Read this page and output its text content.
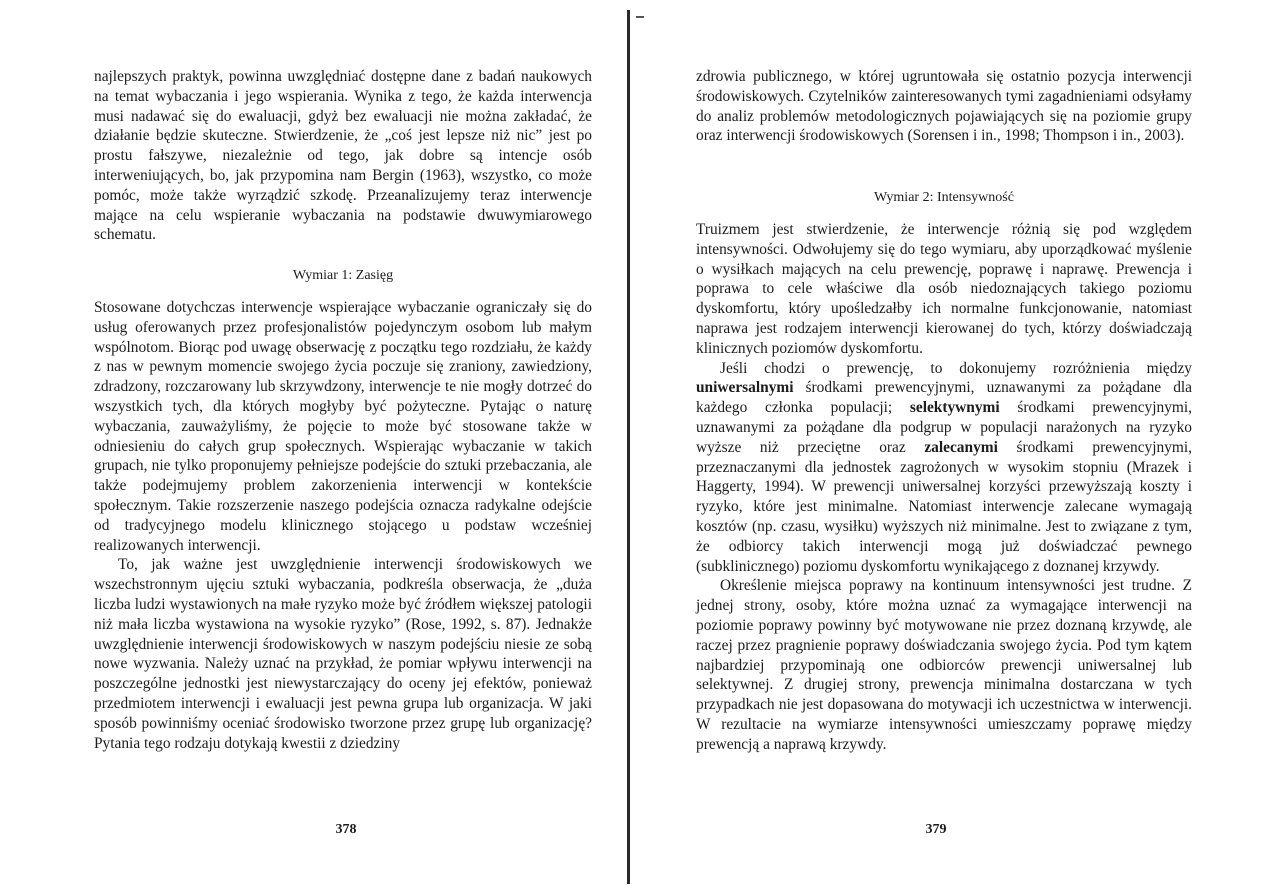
najlepszych praktyk, powinna uwzględniać dostępne dane z badań naukowych na temat wybaczania i jego wspierania. Wynika z tego, że każda interwencja musi nadawać się do ewaluacji, gdyż bez ewaluacji nie można zakładać, że działanie będzie skuteczne. Stwierdzenie, że „coś jest lepsze niż nic” jest po prostu fałszywe, niezależnie od tego, jak dobre są intencje osób interweniujących, bo, jak przypomina nam Bergin (1963), wszystko, co może pomóc, może także wyrządzić szkodę. Przeanalizujemy teraz interwencje mające na celu wspieranie wybaczania na podstawie dwuwymiarowego schematu.

Wymiar 1: Zasięg

Stosowane dotychczas interwencje wspierające wybaczanie ograniczały się do usług oferowanych przez profesjonalistów pojedynczym osobom lub małym wspólnotom. Biorąc pod uwagę obserwację z początku tego rozdziału, że każdy z nas w pewnym momencie swojego życia poczuje się zraniony, zawiedziony, zdradzony, rozczarowany lub skrzywdzony, interwencje te nie mogły dotrzeć do wszystkich tych, dla których mogłyby być pożyteczne. Pytając o naturę wybaczania, zauważyliśmy, że pojęcie to może być stosowane także w odniesieniu do całych grup społecznych. Wspierając wybaczanie w takich grupach, nie tylko proponujemy pełniejsze podejście do sztuki przebaczania, ale także podejmujemy problem zakorzenienia interwencji w kontekście społecznym. Takie rozszerzenie naszego podejścia oznacza radykalne odejście od tradycyjnego modelu klinicznego stojącego u podstaw wcześniej realizowanych interwencji.

To, jak ważne jest uwzględnienie interwencji środowiskowych we wszechstronnym ujęciu sztuki wybaczania, podkreśla obserwacja, że „duża liczba ludzi wystawionych na małe ryzyko może być źródłem większej patologii niż mała liczba wystawiona na wysokie ryzyko” (Rose, 1992, s. 87). Jednakże uwzględnienie interwencji środowiskowych w naszym podejściu niesie ze sobą nowe wyzwania. Należy uznać na przykład, że pomiar wpływu interwencji na poszczególne jednostki jest niewystarczający do oceny jej efektów, ponieważ przedmiotem interwencji i ewaluacji jest pewna grupa lub organizacja. W jaki sposób powinniśmy oceniać środowisko tworzone przez grupę lub organizację? Pytania tego rodzaju dotykają kwestii z dziedziny

378

zdrowia publicznego, w której ugruntowała się ostatnio pozycja interwencji środowiskowych. Czytelników zainteresowanych tymi zagadnieniami odsyłamy do analiz problemów metodologicznych pojawiających się na poziomie grupy oraz interwencji środowiskowych (Sorensen i in., 1998; Thompson i in., 2003).

Wymiar 2: Intensywność

Truizmem jest stwierdzenie, że interwencje różnią się pod względem intensywności. Odwołujemy się do tego wymiaru, aby uporządkować myślenie o wysiłkach mających na celu prewencję, poprawę i naprawę. Prewencja i poprawa to cele właściwe dla osób niedoznających takiego poziomu dyskomfortu, który upośledzałby ich normalne funkcjonowanie, natomiast naprawa jest rodzajem interwencji kierowanej do tych, którzy doświadczają klinicznych poziomów dyskomfortu.

Jeśli chodzi o prewencję, to dokonujemy rozróżnienia między uniwersalnymi środkami prewencyjnymi, uznawanymi za pożądane dla każdego członka populacji; selektywnymi środkami prewencyjnymi, uznawanymi za pożądane dla podgrup w populacji narażonych na ryzyko wyższe niż przeciętne oraz zalecanymi środkami prewencyjnymi, przeznaczanymi dla jednostek zagrożonych w wysokim stopniu (Mrazek i Haggerty, 1994). W prewencji uniwersalnej korzyści przewyższają koszty i ryzyko, które jest minimalne. Natomiast interwencje zalecane wymagają kosztów (np. czasu, wysiłku) wyższych niż minimalne. Jest to związane z tym, że odbiorcy takich interwencji mogą już doświadczać pewnego (subklinicznego) poziomu dyskomfortu wynikającego z doznanej krzywdy.

Określenie miejsca poprawy na kontinuum intensywności jest trudne. Z jednej strony, osoby, które można uznać za wymagające interwencji na poziomie poprawy powinny być motywowane nie przez doznaną krzywdę, ale raczej przez pragnienie poprawy doświadczania swojego życia. Pod tym kątem najbardziej przypominają one odbiorców prewencji uniwersalnej lub selektywnej. Z drugiej strony, prewencja minimalna dostarczana w tych przypadkach nie jest dopasowana do motywacji ich uczestnictwa w interwencji. W rezultacie na wymiarze intensywności umieszczamy poprawę między prewencją a naprawą krzywdy.

379
